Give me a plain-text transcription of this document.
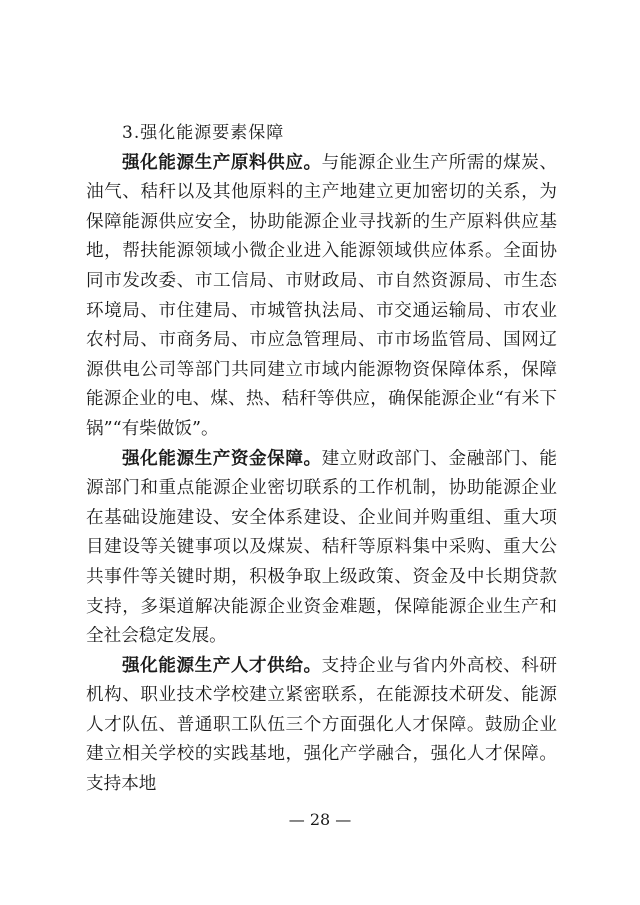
3.强化能源要素保障

强化能源生产原料供应。与能源企业生产所需的煤炭、油气、秸秆以及其他原料的主产地建立更加密切的关系，为保障能源供应安全，协助能源企业寻找新的生产原料供应基地，帮扶能源领域小微企业进入能源领域供应体系。全面协同市发改委、市工信局、市财政局、市自然资源局、市生态环境局、市住建局、市城管执法局、市交通运输局、市农业农村局、市商务局、市应急管理局、市市场监管局、国网辽源供电公司等部门共同建立市域内能源物资保障体系，保障能源企业的电、煤、热、秸秆等供应，确保能源企业“有米下锅”“有柴做饭”。

强化能源生产资金保障。建立财政部门、金融部门、能源部门和重点能源企业密切联系的工作机制，协助能源企业在基础设施建设、安全体系建设、企业间并购重组、重大项目建设等关键事项以及煤炭、秸秆等原料集中采购、重大公共事件等关键时期，积极争取上级政策、资金及中长期贷款支持，多渠道解决能源企业资金难题，保障能源企业生产和全社会稳定发展。

强化能源生产人才供给。支持企业与省内外高校、科研机构、职业技术学校建立紧密联系，在能源技术研发、能源人才队伍、普通职工队伍三个方面强化人才保障。鼓励企业建立相关学校的实践基地，强化产学融合，强化人才保障。支持本地

— 28 —
